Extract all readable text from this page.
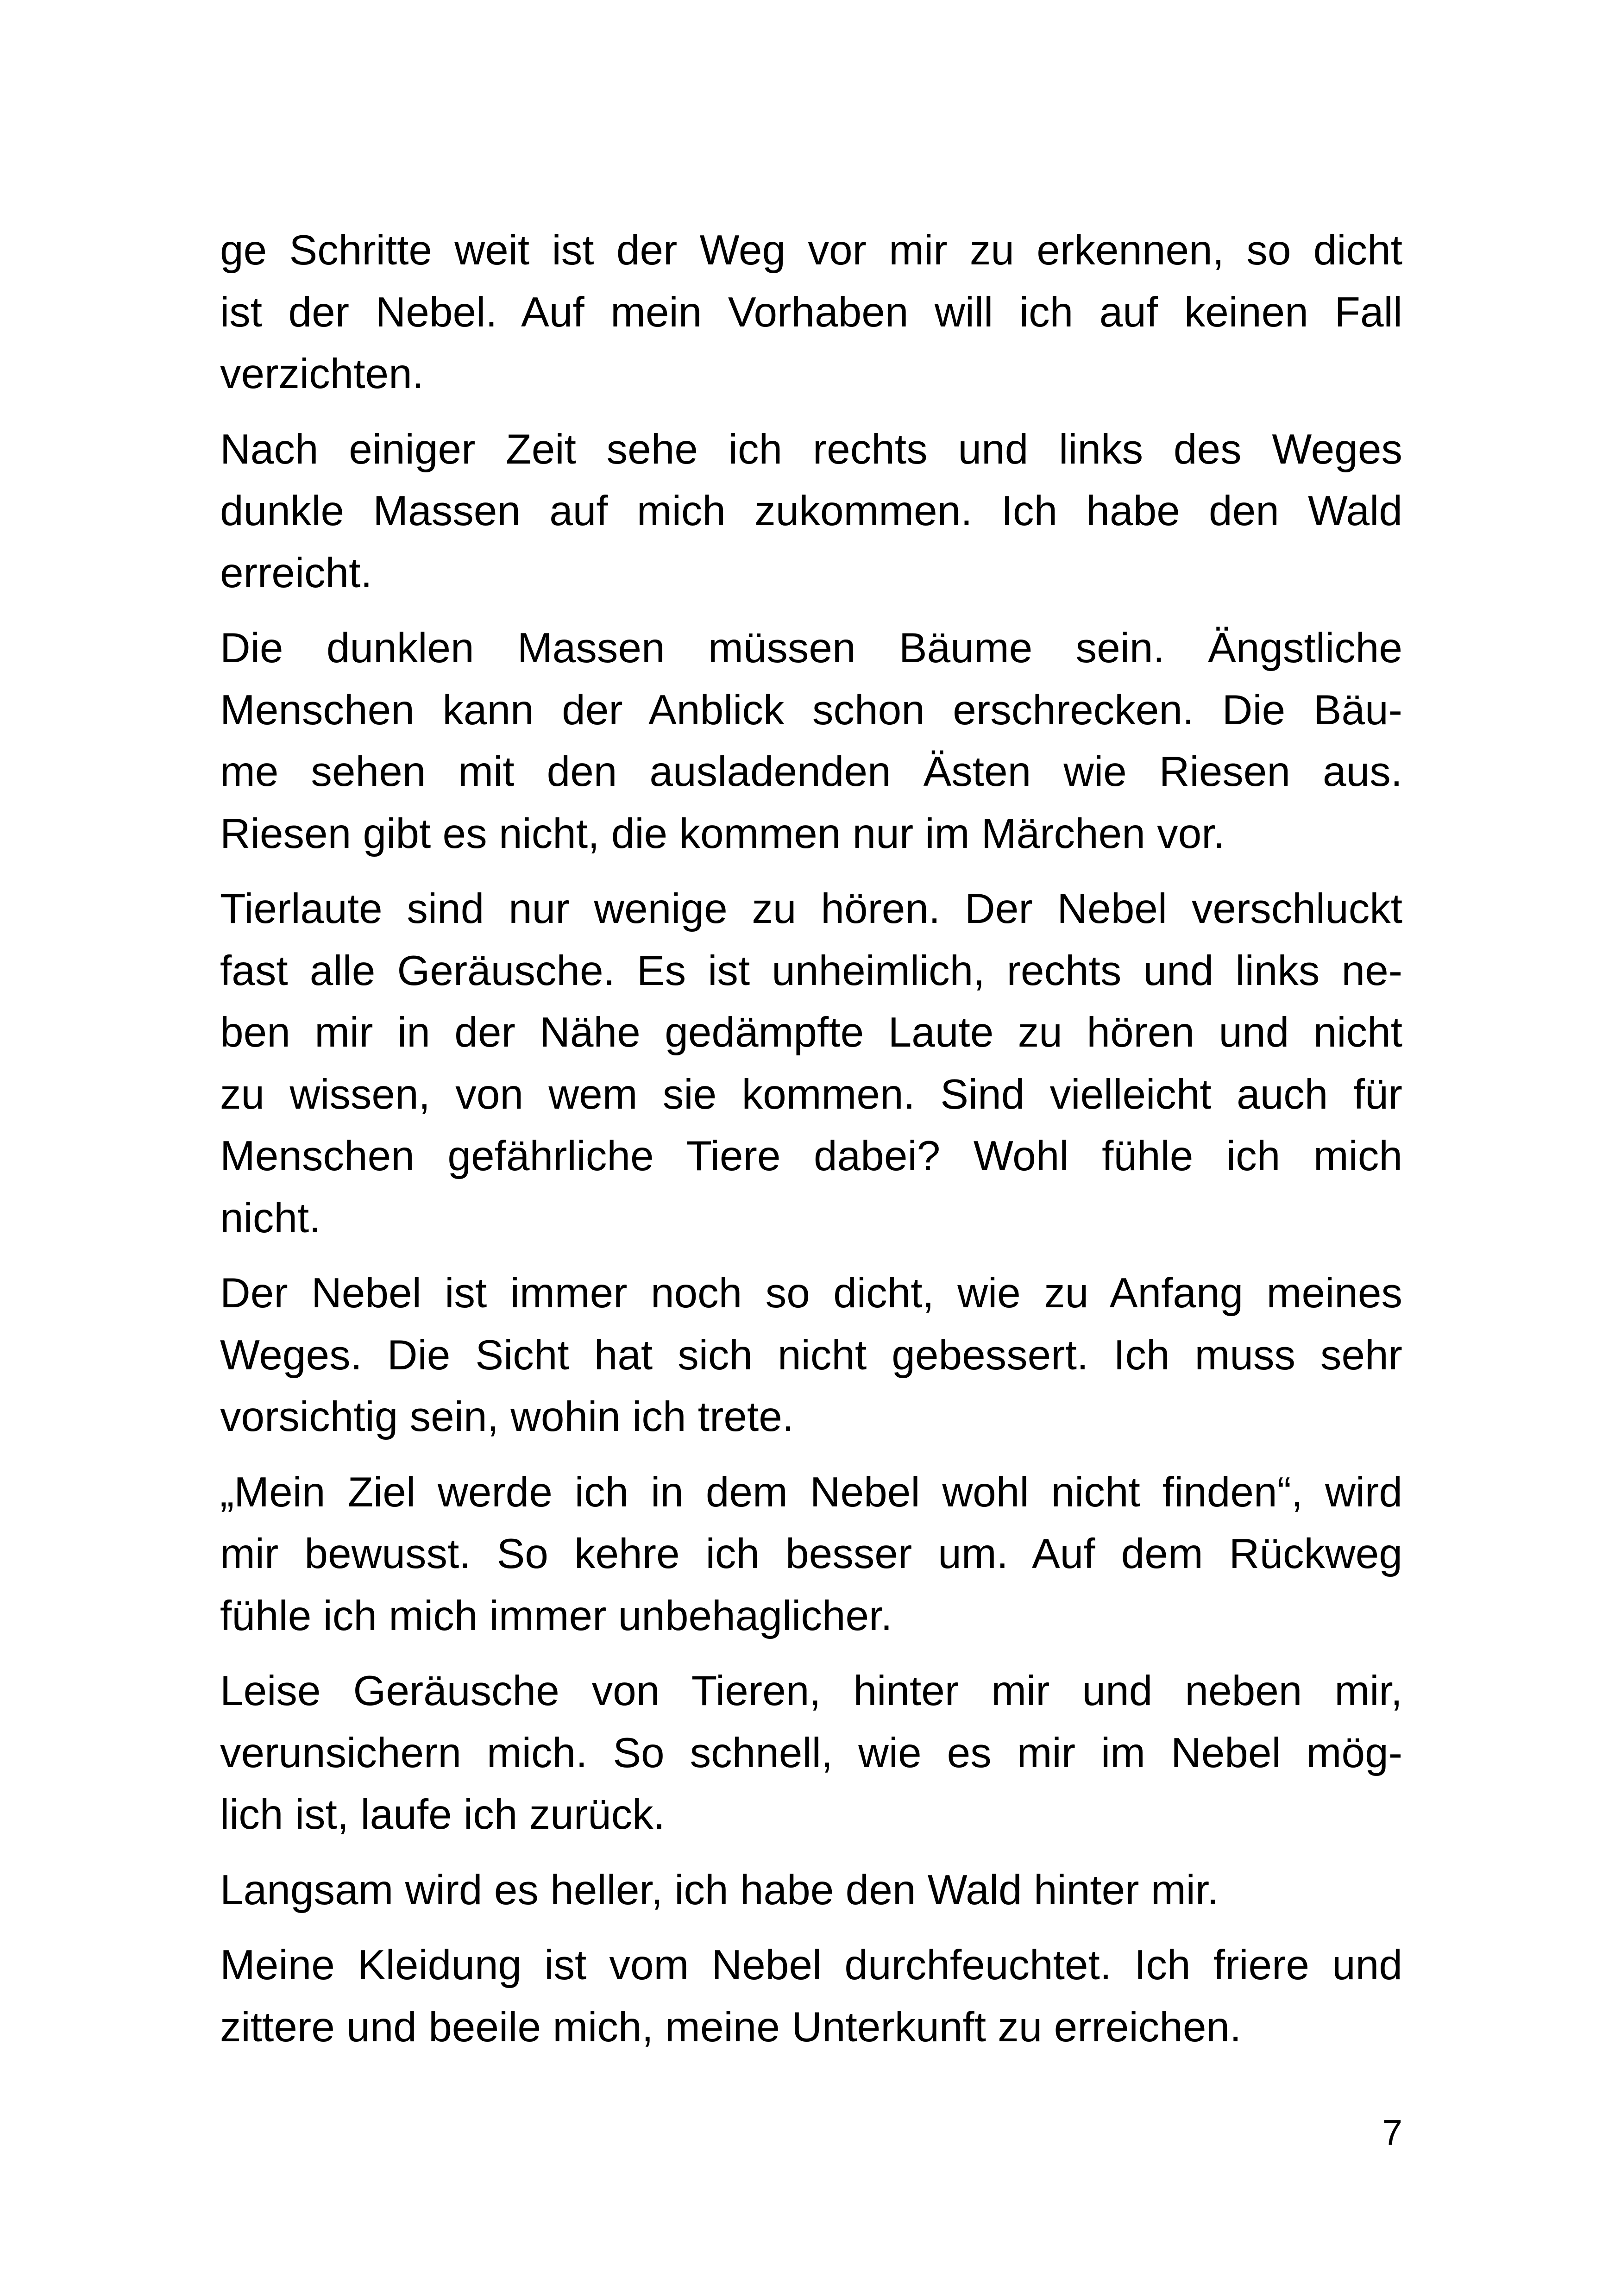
ge Schritte weit ist der Weg vor mir zu erkennen, so dicht
ist der Nebel. Auf mein Vorhaben will ich auf keinen Fall
verzichten.

Nach einiger Zeit sehe ich rechts und links des Weges
dunkle Massen auf mich zukommen. Ich habe den Wald
erreicht.

Die dunklen Massen müssen Bäume sein. Ängstliche
Menschen kann der Anblick schon erschrecken. Die Bäu-
me sehen mit den ausladenden Ästen wie Riesen aus.
Riesen gibt es nicht, die kommen nur im Märchen vor.

Tierlaute sind nur wenige zu hören. Der Nebel verschluckt
fast alle Geräusche. Es ist unheimlich, rechts und links ne-
ben mir in der Nähe gedämpfte Laute zu hören und nicht
zu wissen, von wem sie kommen. Sind vielleicht auch für
Menschen gefährliche Tiere dabei? Wohl fühle ich mich
nicht.

Der Nebel ist immer noch so dicht, wie zu Anfang meines
Weges. Die Sicht hat sich nicht gebessert. Ich muss sehr
vorsichtig sein, wohin ich trete.

„Mein Ziel werde ich in dem Nebel wohl nicht finden“, wird
mir bewusst. So kehre ich besser um. Auf dem Rückweg
fühle ich mich immer unbehaglicher.

Leise Geräusche von Tieren, hinter mir und neben mir,
verunsichern mich. So schnell, wie es mir im Nebel mög-
lich ist, laufe ich zurück.

Langsam wird es heller, ich habe den Wald hinter mir.

Meine Kleidung ist vom Nebel durchfeuchtet. Ich friere und
zittere und beeile mich, meine Unterkunft zu erreichen.

7
